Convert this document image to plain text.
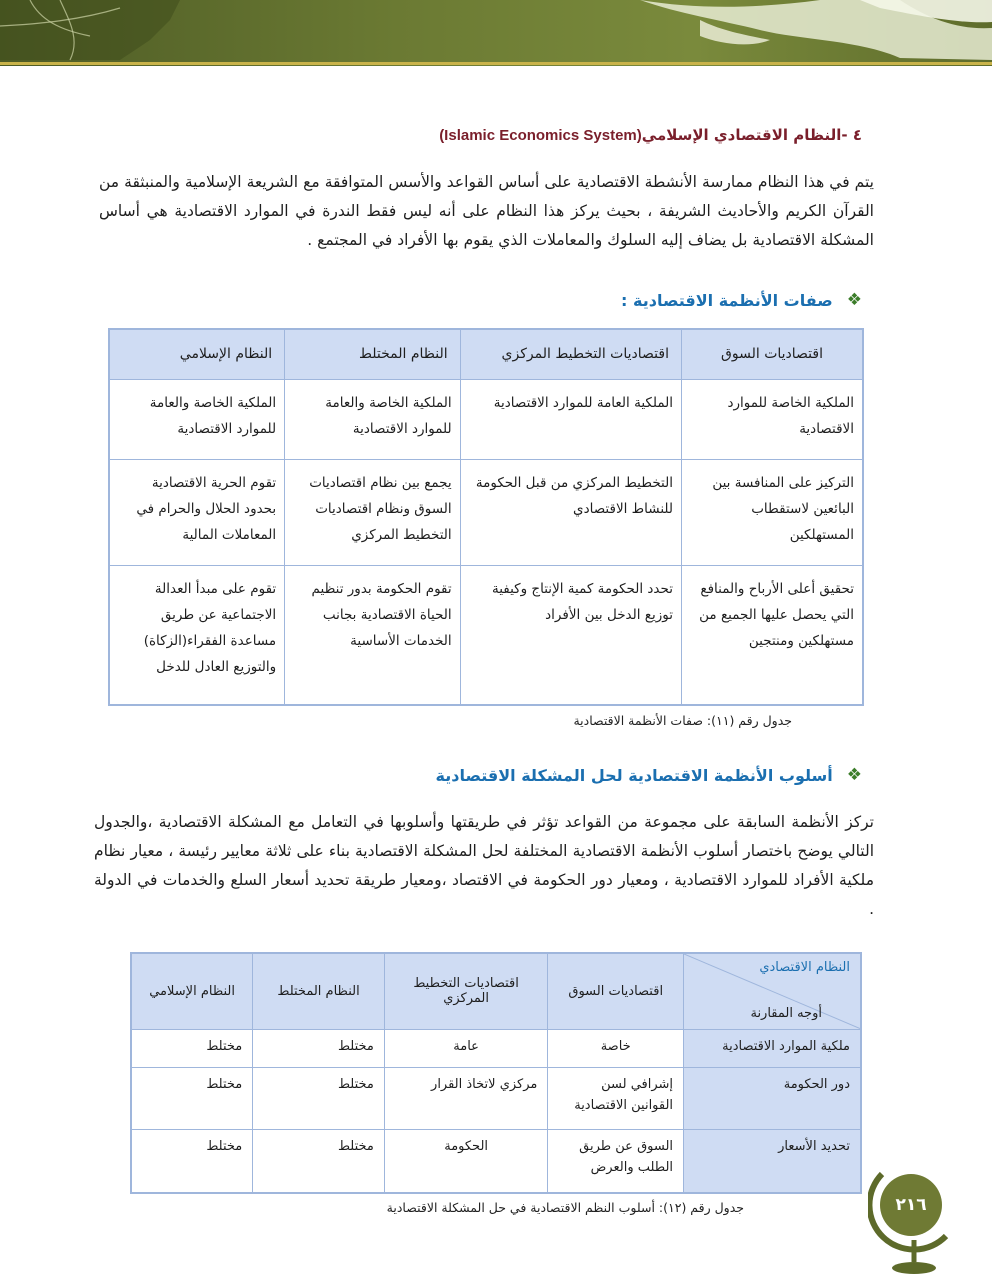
٤ -النظام الاقتصادي الإسلامي(Islamic Economics System)

يتم في هذا النظام ممارسة الأنشطة الاقتصادية على أساس القواعد والأسس المتوافقة مع الشريعة الإسلامية والمنبثقة من القرآن الكريم والأحاديث الشريفة ، بحيث يركز هذا النظام على أنه ليس فقط الندرة في الموارد الاقتصادية هي أساس المشكلة الاقتصادية بل يضاف إليه السلوك والمعاملات الذي يقوم بها الأفراد في المجتمع .

❖
صفات الأنظمة الاقتصادية :
اقتصاديات السوق	اقتصاديات التخطيط المركزي	النظام المختلط	النظام الإسلامي
الملكية الخاصة للموارد الاقتصادية	الملكية العامة للموارد الاقتصادية	الملكية الخاصة والعامة للموارد الاقتصادية	الملكية الخاصة والعامة للموارد الاقتصادية
التركيز على المنافسة بين البائعين لاستقطاب المستهلكين	التخطيط المركزي من قبل الحكومة للنشاط الاقتصادي	يجمع بين نظام اقتصاديات السوق ونظام اقتصاديات التخطيط المركزي	تقوم الحرية الاقتصادية بحدود الحلال والحرام في المعاملات المالية
تحقيق أعلى الأرباح والمنافع التي يحصل عليها الجميع من مستهلكين ومنتجين	تحدد الحكومة كمية الإنتاج وكيفية توزيع الدخل بين الأفراد	تقوم الحكومة بدور تنظيم الحياة الاقتصادية بجانب الخدمات الأساسية	تقوم على مبدأ العدالة الاجتماعية عن طريق مساعدة الفقراء(الزكاة) والتوزيع العادل للدخل
جدول رقم (١١): صفات الأنظمة الاقتصادية
❖
أسلوب الأنظمة الاقتصادية لحل المشكلة الاقتصادية

تركز الأنظمة السابقة على مجموعة من القواعد تؤثر في طريقتها وأسلوبها في التعامل مع المشكلة الاقتصادية ،والجدول التالي يوضح باختصار أسلوب الأنظمة الاقتصادية المختلفة لحل المشكلة الاقتصادية بناء على ثلاثة معايير رئيسة ، معيار نظام ملكية الأفراد للموارد الاقتصادية ، ومعيار دور الحكومة في الاقتصاد ،ومعيار طريقة تحديد أسعار السلع والخدمات في الدولة .

النظام الاقتصادي
أوجه المقارنة	اقتصاديات السوق	اقتصاديات التخطيط المركزي	النظام المختلط	النظام الإسلامي
ملكية الموارد الاقتصادية	خاصة	عامة	مختلط	مختلط
دور الحكومة	إشرافي لسن القوانين الاقتصادية	مركزي لاتخاذ القرار	مختلط	مختلط
تحديد الأسعار	السوق عن طريق الطلب والعرض	الحكومة	مختلط	مختلط
جدول رقم (١٢): أسلوب النظم الاقتصادية في حل المشكلة الاقتصادية	٢١٦
